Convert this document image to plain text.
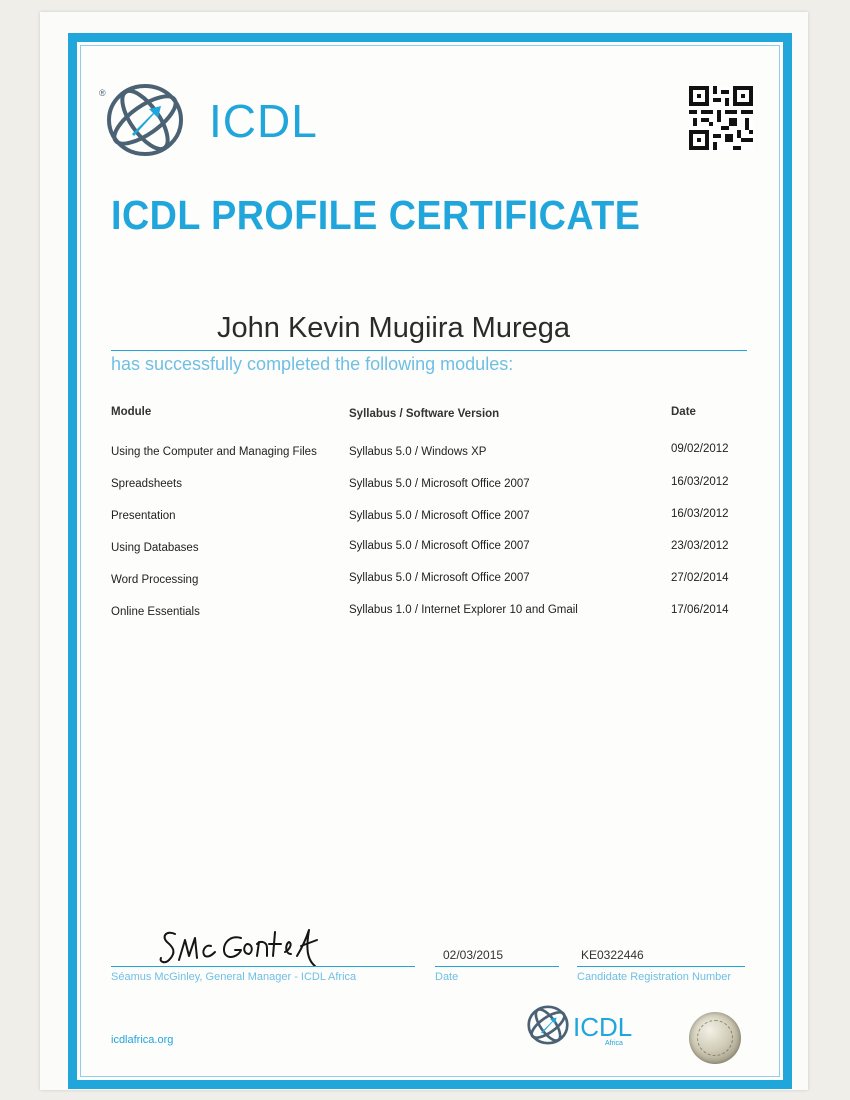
®
ICDL
ICDL PROFILE CERTIFICATE
John Kevin Mugiira Murega
has successfully completed the following modules:
Module	Syllabus / Software Version	Date
Using the Computer and Managing Files	Syllabus 5.0 / Windows XP	09/02/2012
Spreadsheets	Syllabus 5.0 / Microsoft Office 2007	16/03/2012
Presentation	Syllabus 5.0 / Microsoft Office 2007	16/03/2012
Using Databases	Syllabus 5.0 / Microsoft Office 2007	23/03/2012
Word Processing	Syllabus 5.0 / Microsoft Office 2007	27/02/2014
Online Essentials	Syllabus 1.0 / Internet Explorer 10 and Gmail	17/06/2014
Séamus McGinley, General Manager - ICDL Africa
02/03/2015
Date
KE0322446
Candidate Registration Number
icdlafrica.org	ICDL
Africa
